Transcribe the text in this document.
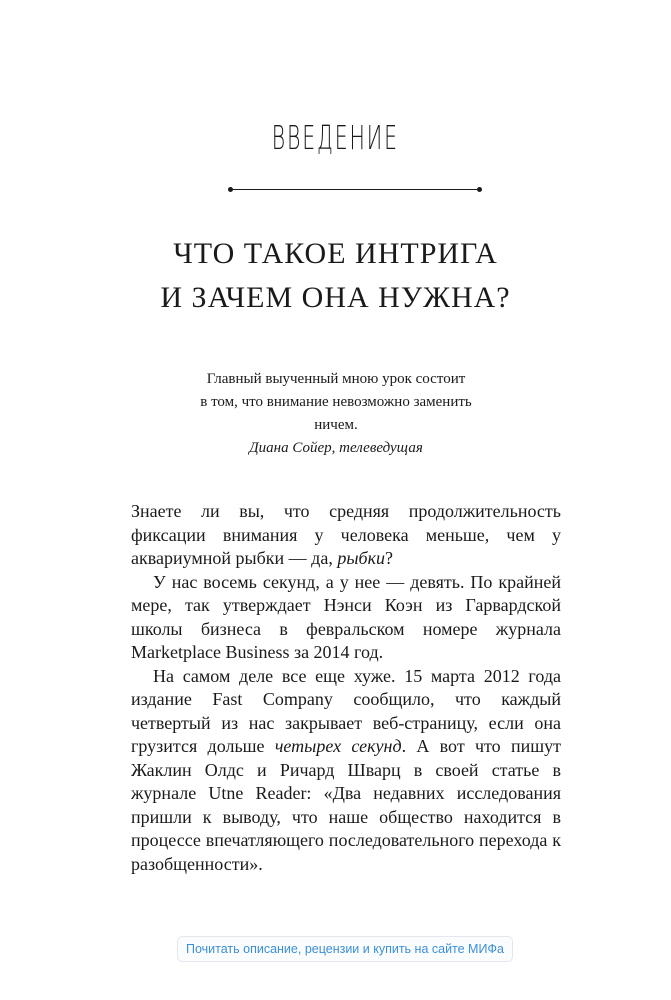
ВВЕДЕНИЕ
ЧТО ТАКОЕ ИНТРИГА
И ЗАЧЕМ ОНА НУЖНА?
Главный выученный мною урок состоит
в том, что внимание невозможно заменить
ничем.
Диана Сойер, телеведущая

Знаете ли вы, что средняя продолжительность фиксации внимания у человека меньше, чем у аквариумной рыбки — да, рыбки?

У нас восемь секунд, а у нее — девять. По крайней мере, так утверждает Нэнси Коэн из Гарвардской школы бизнеса в февральском номере журнала Marketplace Business за 2014 год.

На самом деле все еще хуже. 15 марта 2012 года издание Fast Company сообщило, что каждый четвертый из нас закрывает веб-страницу, если она грузится дольше четырех секунд. А вот что пишут Жаклин Олдс и Ричард Шварц в своей статье в журнале Utne Reader: «Два недавних исследования пришли к выводу, что наше общество находится в процессе впечатляющего последовательного перехода к разобщенности».

Почитать описание, рецензии и купить на сайте МИФа
